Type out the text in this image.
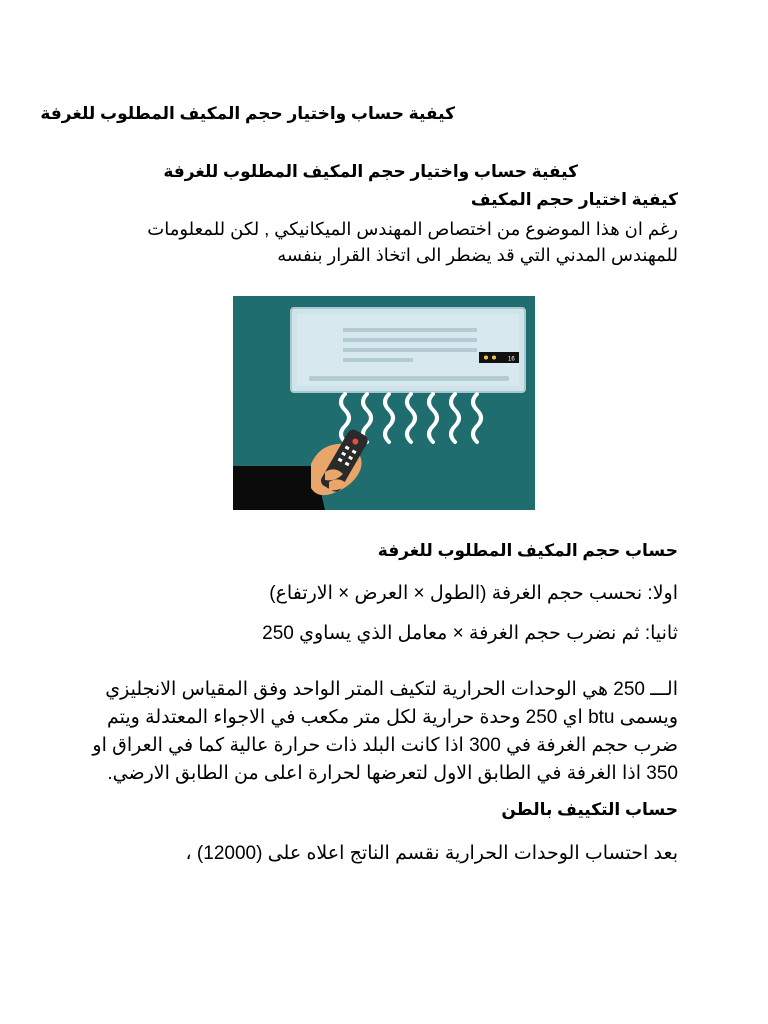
كيفية حساب واختيار حجم المكيف المطلوب للغرفة
كيفية حساب واختيار حجم المكيف المطلوب للغرفة
كيفية اختيار حجم المكيف
رغم ان هذا الموضوع من اختصاص المهندس الميكانيكي , لكن للمعلومات
للمهندس المدني التي قد يضطر الى اتخاذ القرار بنفسه
16
حساب حجم المكيف المطلوب للغرفة
اولا: نحسب حجم الغرفة (الطول × العرض × الارتفاع)
ثانيا: ثم نضرب حجم الغرفة × معامل الذي يساوي 250
الـــ 250 هي الوحدات الحرارية لتكيف المتر الواحد وفق المقياس الانجليزي
ويسمى btu اي 250 وحدة حرارية لكل متر مكعب في الاجواء المعتدلة ويتم
ضرب حجم الغرفة في 300 اذا كانت البلد ذات حرارة عالية كما في العراق او
350 اذا الغرفة في الطابق الاول لتعرضها لحرارة اعلى من الطابق الارضي.
حساب التكييف بالطن
بعد احتساب الوحدات الحرارية نقسم الناتج اعلاه على (12000) ،
